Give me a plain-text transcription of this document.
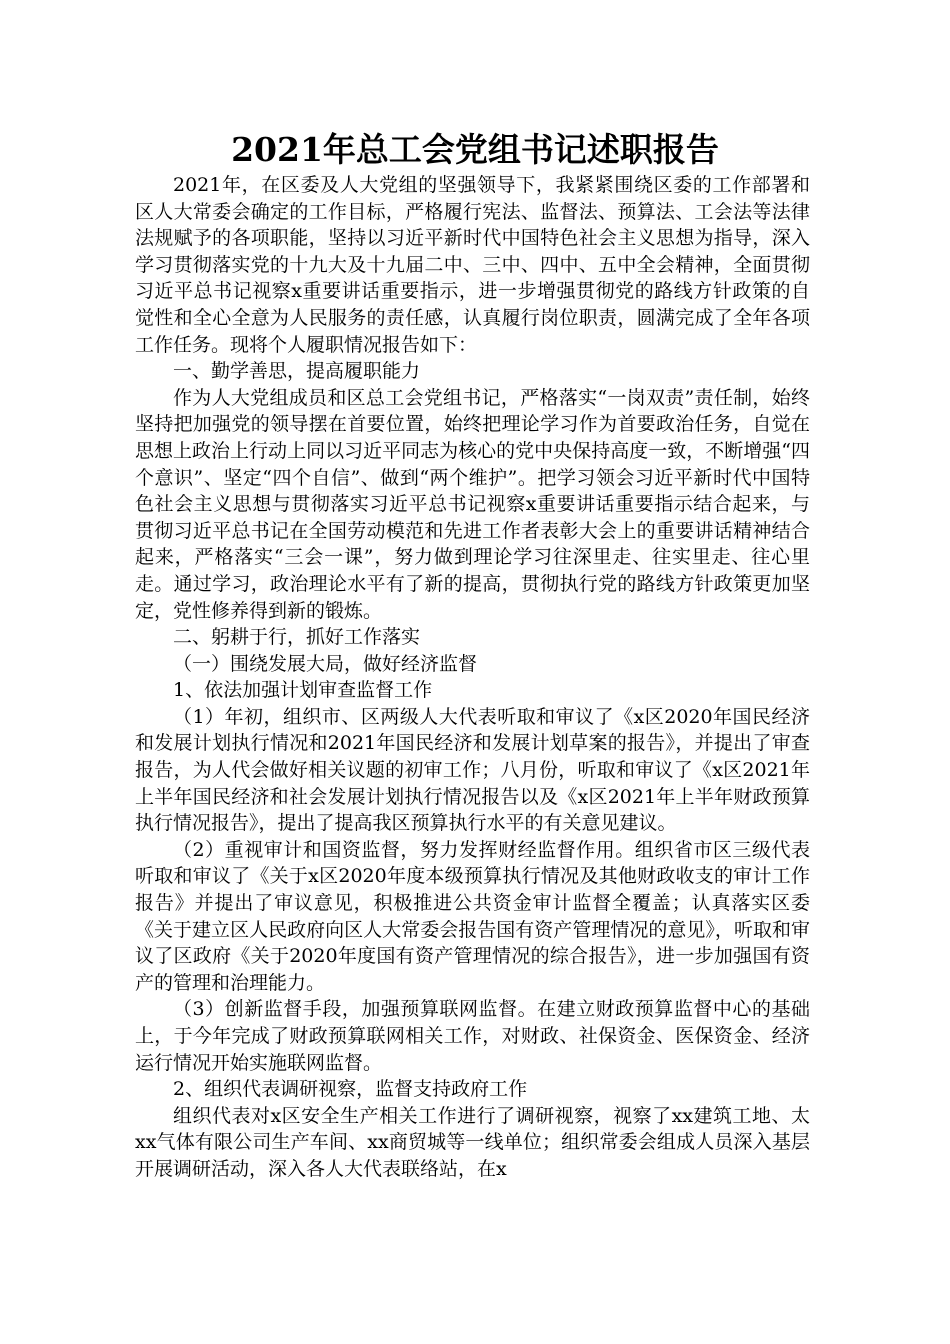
2021年总工会党组书记述职报告

2021年，在区委及人大党组的坚强领导下，我紧紧围绕区委的工作部署和区人大常委会确定的工作目标，严格履行宪法、监督法、预算法、工会法等法律法规赋予的各项职能，坚持以习近平新时代中国特色社会主义思想为指导，深入学习贯彻落实党的十九大及十九届二中、三中、四中、五中全会精神，全面贯彻习近平总书记视察x重要讲话重要指示，进一步增强贯彻党的路线方针政策的自觉性和全心全意为人民服务的责任感，认真履行岗位职责，圆满完成了全年各项工作任务。现将个人履职情况报告如下：

一、勤学善思，提高履职能力

作为人大党组成员和区总工会党组书记，严格落实“一岗双责”责任制，始终坚持把加强党的领导摆在首要位置，始终把理论学习作为首要政治任务，自觉在思想上政治上行动上同以习近平同志为核心的党中央保持高度一致，不断增强“四个意识”、坚定“四个自信”、做到“两个维护”。把学习领会习近平新时代中国特色社会主义思想与贯彻落实习近平总书记视察x重要讲话重要指示结合起来，与贯彻习近平总书记在全国劳动模范和先进工作者表彰大会上的重要讲话精神结合起来，严格落实“三会一课”，努力做到理论学习往深里走、往实里走、往心里走。通过学习，政治理论水平有了新的提高，贯彻执行党的路线方针政策更加坚定，党性修养得到新的锻炼。

二、躬耕于行，抓好工作落实

（一）围绕发展大局，做好经济监督

1、依法加强计划审查监督工作

（1）年初，组织市、区两级人大代表听取和审议了《x区2020年国民经济和发展计划执行情况和2021年国民经济和发展计划草案的报告》，并提出了审查报告，为人代会做好相关议题的初审工作；八月份，听取和审议了《x区2021年上半年国民经济和社会发展计划执行情况报告以及《x区2021年上半年财政预算执行情况报告》，提出了提高我区预算执行水平的有关意见建议。

（2）重视审计和国资监督，努力发挥财经监督作用。组织省市区三级代表听取和审议了《关于x区2020年度本级预算执行情况及其他财政收支的审计工作报告》并提出了审议意见，积极推进公共资金审计监督全覆盖；认真落实区委《关于建立区人民政府向区人大常委会报告国有资产管理情况的意见》，听取和审议了区政府《关于2020年度国有资产管理情况的综合报告》，进一步加强国有资产的管理和治理能力。

（3）创新监督手段，加强预算联网监督。在建立财政预算监督中心的基础上，于今年完成了财政预算联网相关工作，对财政、社保资金、医保资金、经济运行情况开始实施联网监督。

2、组织代表调研视察，监督支持政府工作

组织代表对x区安全生产相关工作进行了调研视察，视察了xx建筑工地、太xx气体有限公司生产车间、xx商贸城等一线单位；组织常委会组成人员深入基层开展调研活动，深入各人大代表联络站，在x
